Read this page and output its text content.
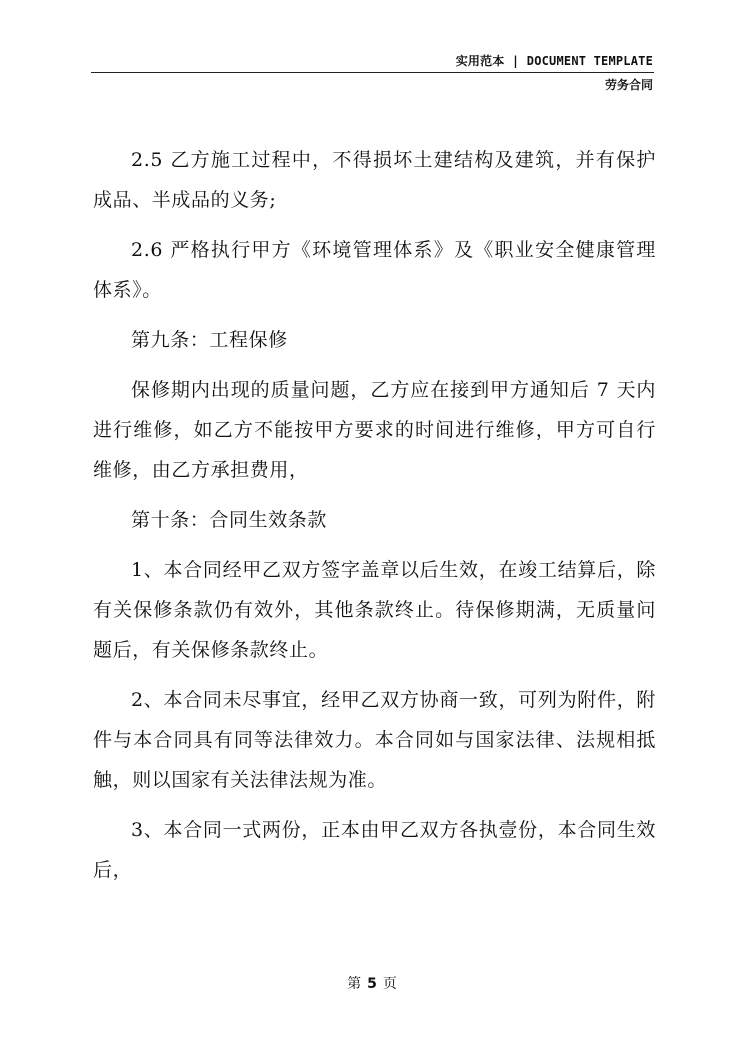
实用范本 | DOCUMENT TEMPLATE
劳务合同

2.5 乙方施工过程中，不得损坏土建结构及建筑，并有保护成品、半成品的义务;

2.6 严格执行甲方《环境管理体系》及《职业安全健康管理体系》。

第九条：工程保修

保修期内出现的质量问题，乙方应在接到甲方通知后 7 天内进行维修，如乙方不能按甲方要求的时间进行维修，甲方可自行维修，由乙方承担费用，

第十条：合同生效条款

1、本合同经甲乙双方签字盖章以后生效，在竣工结算后，除有关保修条款仍有效外，其他条款终止。待保修期满，无质量问题后，有关保修条款终止。

2、本合同未尽事宜，经甲乙双方协商一致，可列为附件，附件与本合同具有同等法律效力。本合同如与国家法律、法规相抵触，则以国家有关法律法规为准。

3、本合同一式两份，正本由甲乙双方各执壹份，本合同生效后，

第 5 页
